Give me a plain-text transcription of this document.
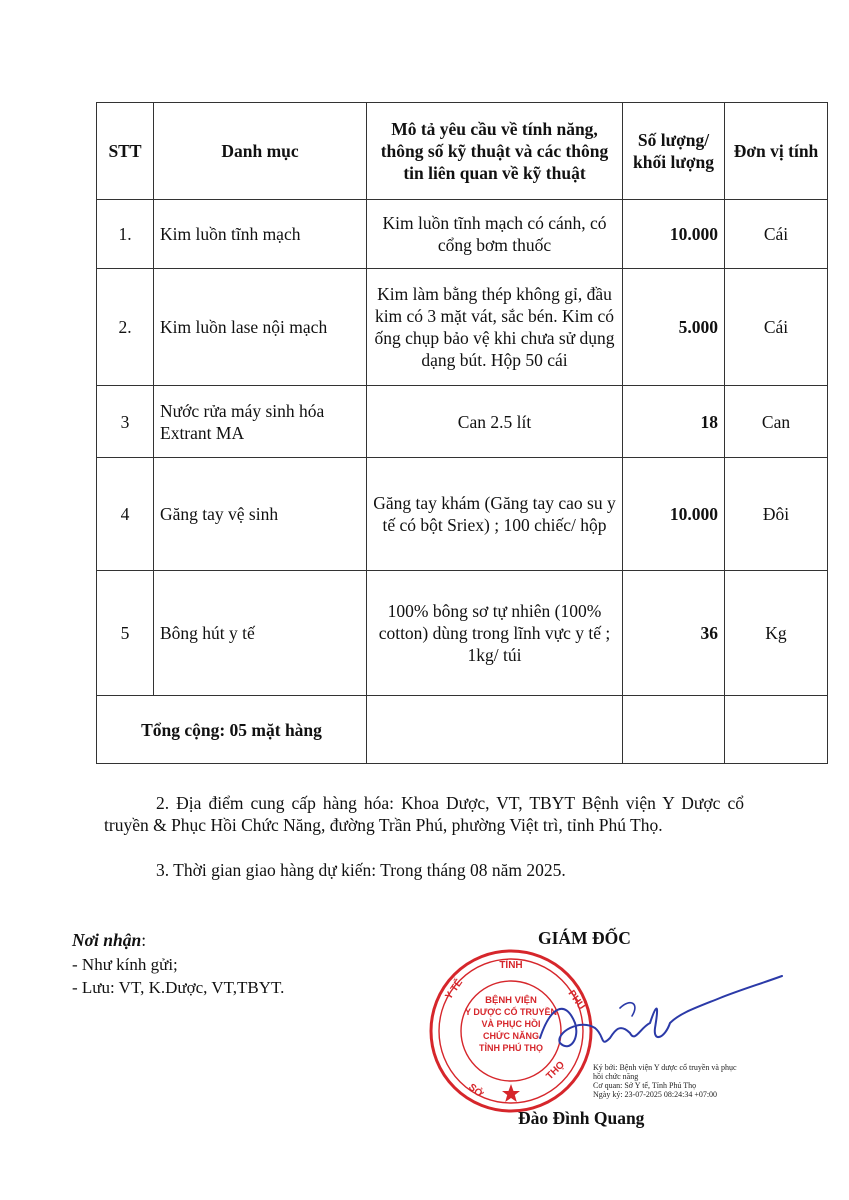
STT	Danh mục	Mô tả yêu cầu về tính năng, thông số kỹ thuật và các thông tin liên quan về kỹ thuật	Số lượng/ khối lượng	Đơn vị tính
1.	Kim luồn tĩnh mạch	Kim luồn tĩnh mạch có cánh, có cổng bơm thuốc	10.000	Cái
2.	Kim luồn lase nội mạch	Kim làm bằng thép không gỉ, đầu kim có 3 mặt vát, sắc bén. Kim có ống chụp bảo vệ khi chưa sử dụng dạng bút. Hộp 50 cái	5.000	Cái
3	Nước rửa máy sinh hóa Extrant MA	Can 2.5 lít	18	Can
4	Găng tay vệ sinh	Găng tay khám (Găng tay cao su y tế có bột Sriex) ; 100 chiếc/ hộp	10.000	Đôi
5	Bông hút y tế	100% bông sơ tự nhiên (100% cotton) dùng trong lĩnh vực y tế ; 1kg/ túi	36	Kg
Tổng cộng: 05 mặt hàng				
2. Địa điểm cung cấp hàng hóa: Khoa Dược, VT, TBYT Bệnh viện Y Dược cổ truyền & Phục Hồi Chức Năng, đường Trần Phú, phường Việt trì, tỉnh Phú Thọ.
3. Thời gian giao hàng dự kiến: Trong tháng 08 năm 2025.
Nơi nhận:
- Như kính gửi;
- Lưu: VT, K.Dược, VT,TBYT.
GIÁM ĐỐC
TỈNH
Y TẾ	PHÚ
SỞ
THỌ
BỆNH VIỆN
Y DƯỢC CỔ TRUYỀN
VÀ PHỤC HỒI
CHỨC NĂNG
TỈNH PHÚ THỌ
Ký bởi: Bệnh viện Y dược cổ truyền và phục hồi chức năng
Cơ quan: Sở Y tế, Tỉnh Phú Thọ
Ngày ký: 23-07-2025 08:24:34 +07:00
Đào Đình Quang
